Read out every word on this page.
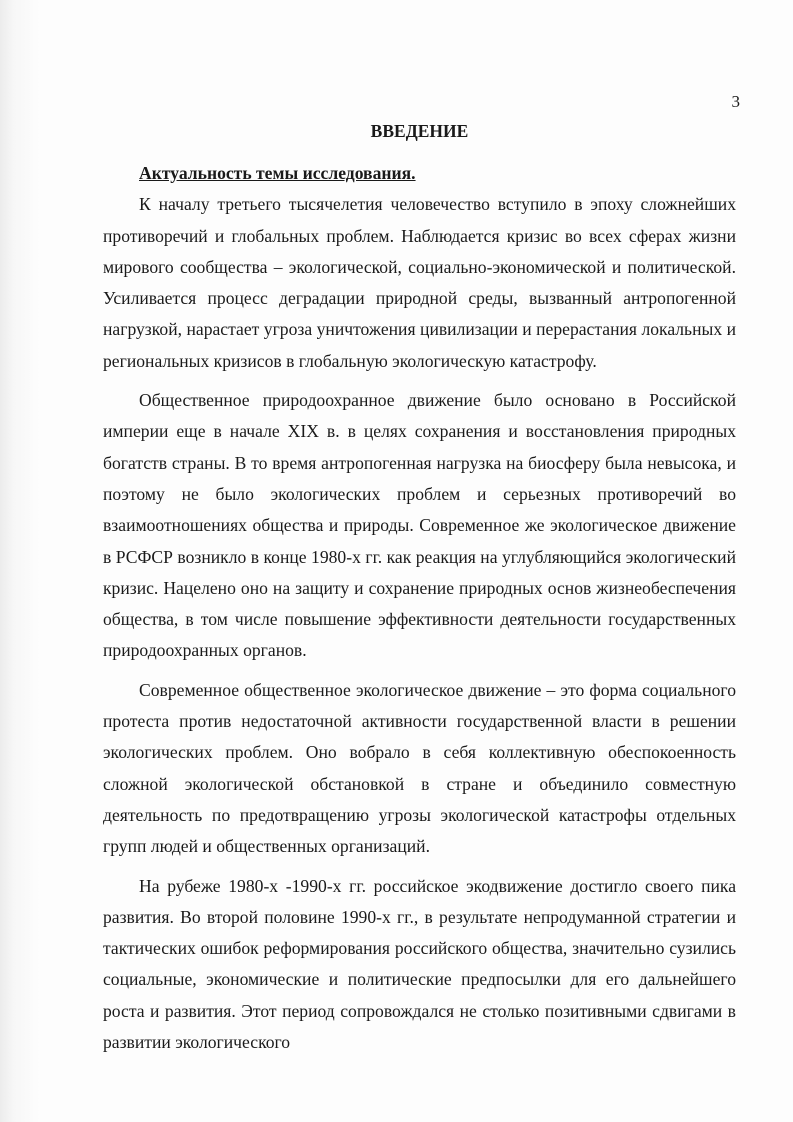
3
ВВЕДЕНИЕ

Актуальность темы исследования.

К началу третьего тысячелетия человечество вступило в эпоху сложнейших противоречий и глобальных проблем. Наблюдается кризис во всех сферах жизни мирового сообщества – экологической, социально-экономической и политической. Усиливается процесс деградации природной среды, вызванный антропогенной нагрузкой, нарастает угроза уничтожения цивилизации и перерастания локальных и региональных кризисов в глобальную экологическую катастрофу.

Общественное природоохранное движение было основано в Российской империи еще в начале XIX в. в целях сохранения и восстановления природных богатств страны. В то время антропогенная нагрузка на биосферу была невысока, и поэтому не было экологических проблем и серьезных противоречий во взаимоотношениях общества и природы. Современное же экологическое движение в РСФСР возникло в конце 1980-х гг. как реакция на углубляющийся экологический кризис. Нацелено оно на защиту и сохранение природных основ жизнеобеспечения общества, в том числе повышение эффективности деятельности государственных природоохранных органов.

Современное общественное экологическое движение – это форма социального протеста против недостаточной активности государственной власти в решении экологических проблем. Оно вобрало в себя коллективную обеспокоенность сложной экологической обстановкой в стране и объединило совместную деятельность по предотвращению угрозы экологической катастрофы отдельных групп людей и общественных организаций.

На рубеже 1980-х -1990-х гг. российское экодвижение достигло своего пика развития. Во второй половине 1990-х гг., в результате непродуманной стратегии и тактических ошибок реформирования российского общества, значительно сузились социальные, экономические и политические предпосылки для его дальнейшего роста и развития. Этот период сопровождался не столько позитивными сдвигами в развитии экологического
